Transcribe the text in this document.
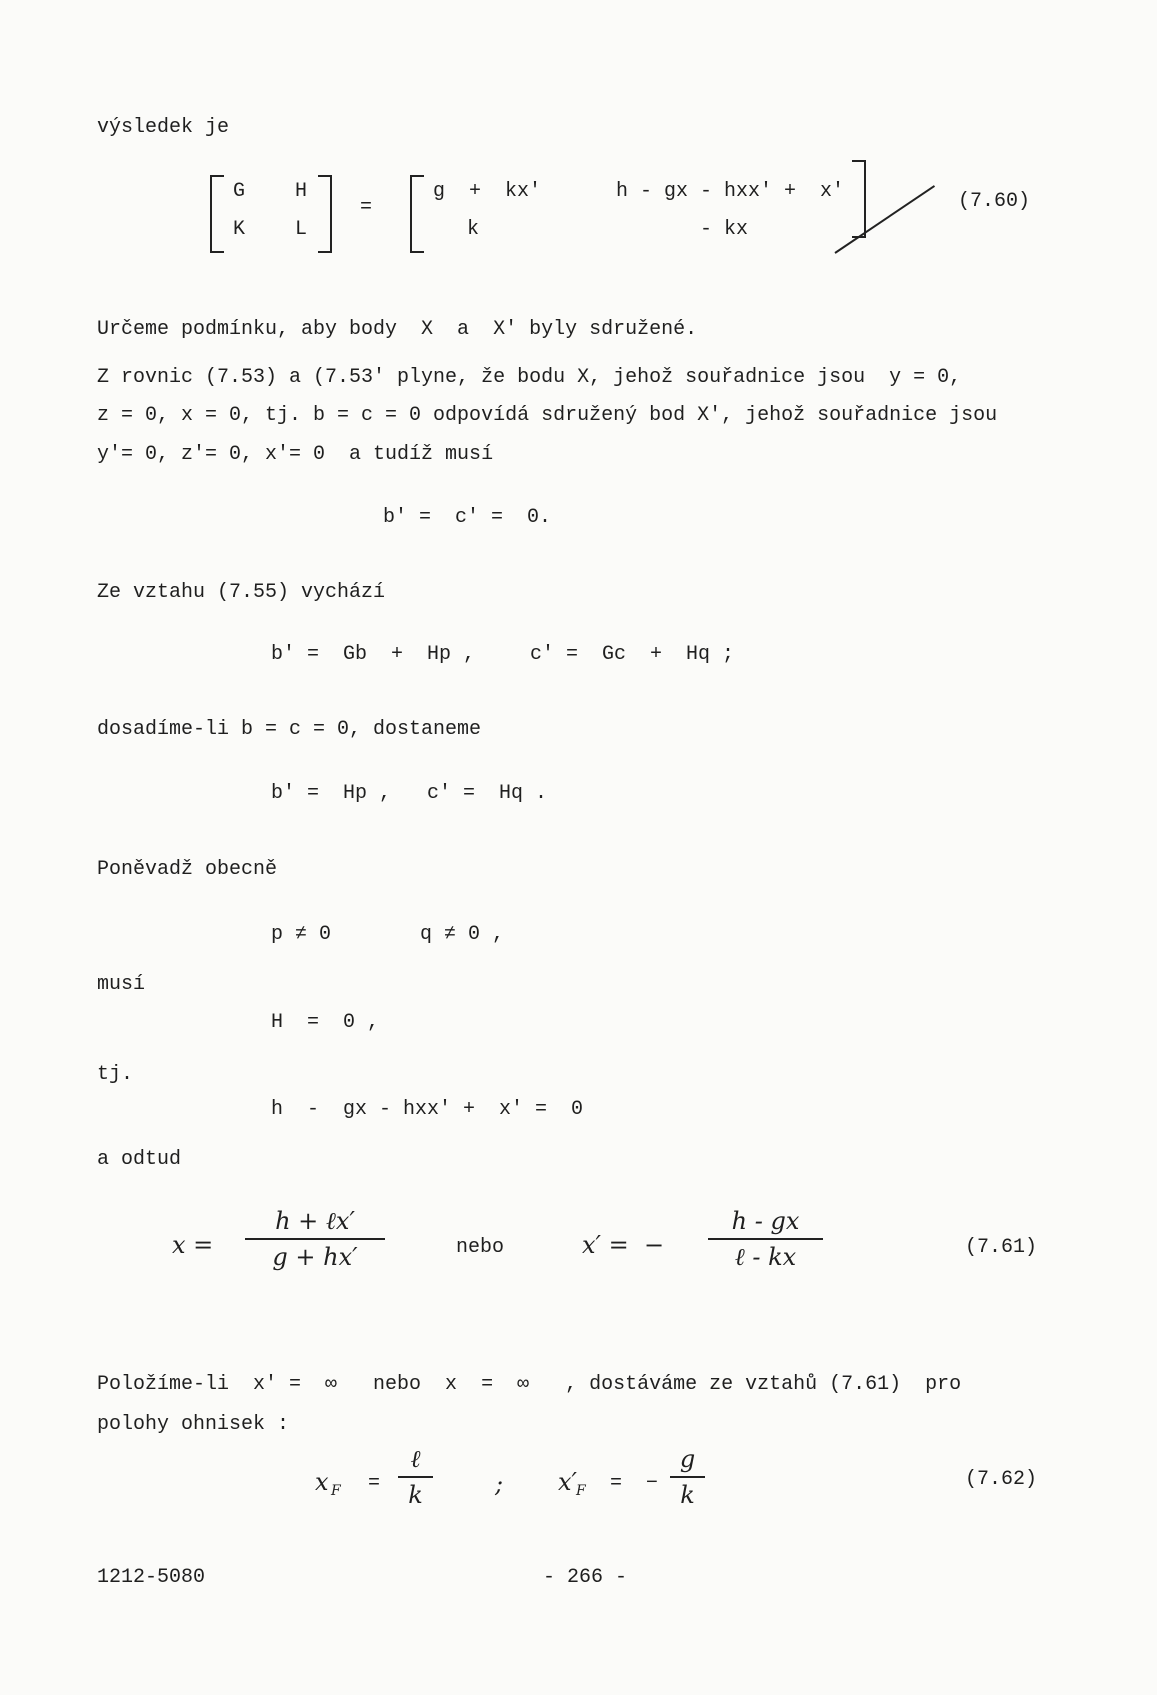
výsledek je
G H
K L
=
g  +  kx′	h - gx - hxx′ +  x′
k	- kx
(7.60)
Určeme podmínku, aby body  X  a  X′ byly sdružené.
Z rovnic (7.53) a (7.53′ plyne, že bodu X, jehož souřadnice jsou  y = 0,
z = 0, x = 0, tj. b = c = 0 odpovídá sdružený bod X′, jehož souřadnice jsou
y′= 0, z′= 0, x′= 0  a tudíž musí
b′ =  c′ =  0.
Ze vztahu (7.55) vychází
b′ =  Gb  +  Hp ,	c′ =  Gc  +  Hq ;
dosadíme-li b = c = 0, dostaneme
b′ =  Hp ,   c′ =  Hq .
Poněvadž obecně
p ≠ 0	q ≠ 0 ,
musí
H  =  0 ,
tj.
h  -  gx - hxx′ +  x′ =  0
a odtud
x =
h + ℓx′
g + hx′	nebo	x′ =  −
h - gx
ℓ - kx	(7.61)
Položíme-li  x′ =  ∞   nebo  x  =  ∞   , dostáváme ze vztahů (7.61)  pro
polohy ohnisek :
x F =
ℓ
k	; x′ F =  −
g
k
(7.62)
1212-5080	- 266 -
